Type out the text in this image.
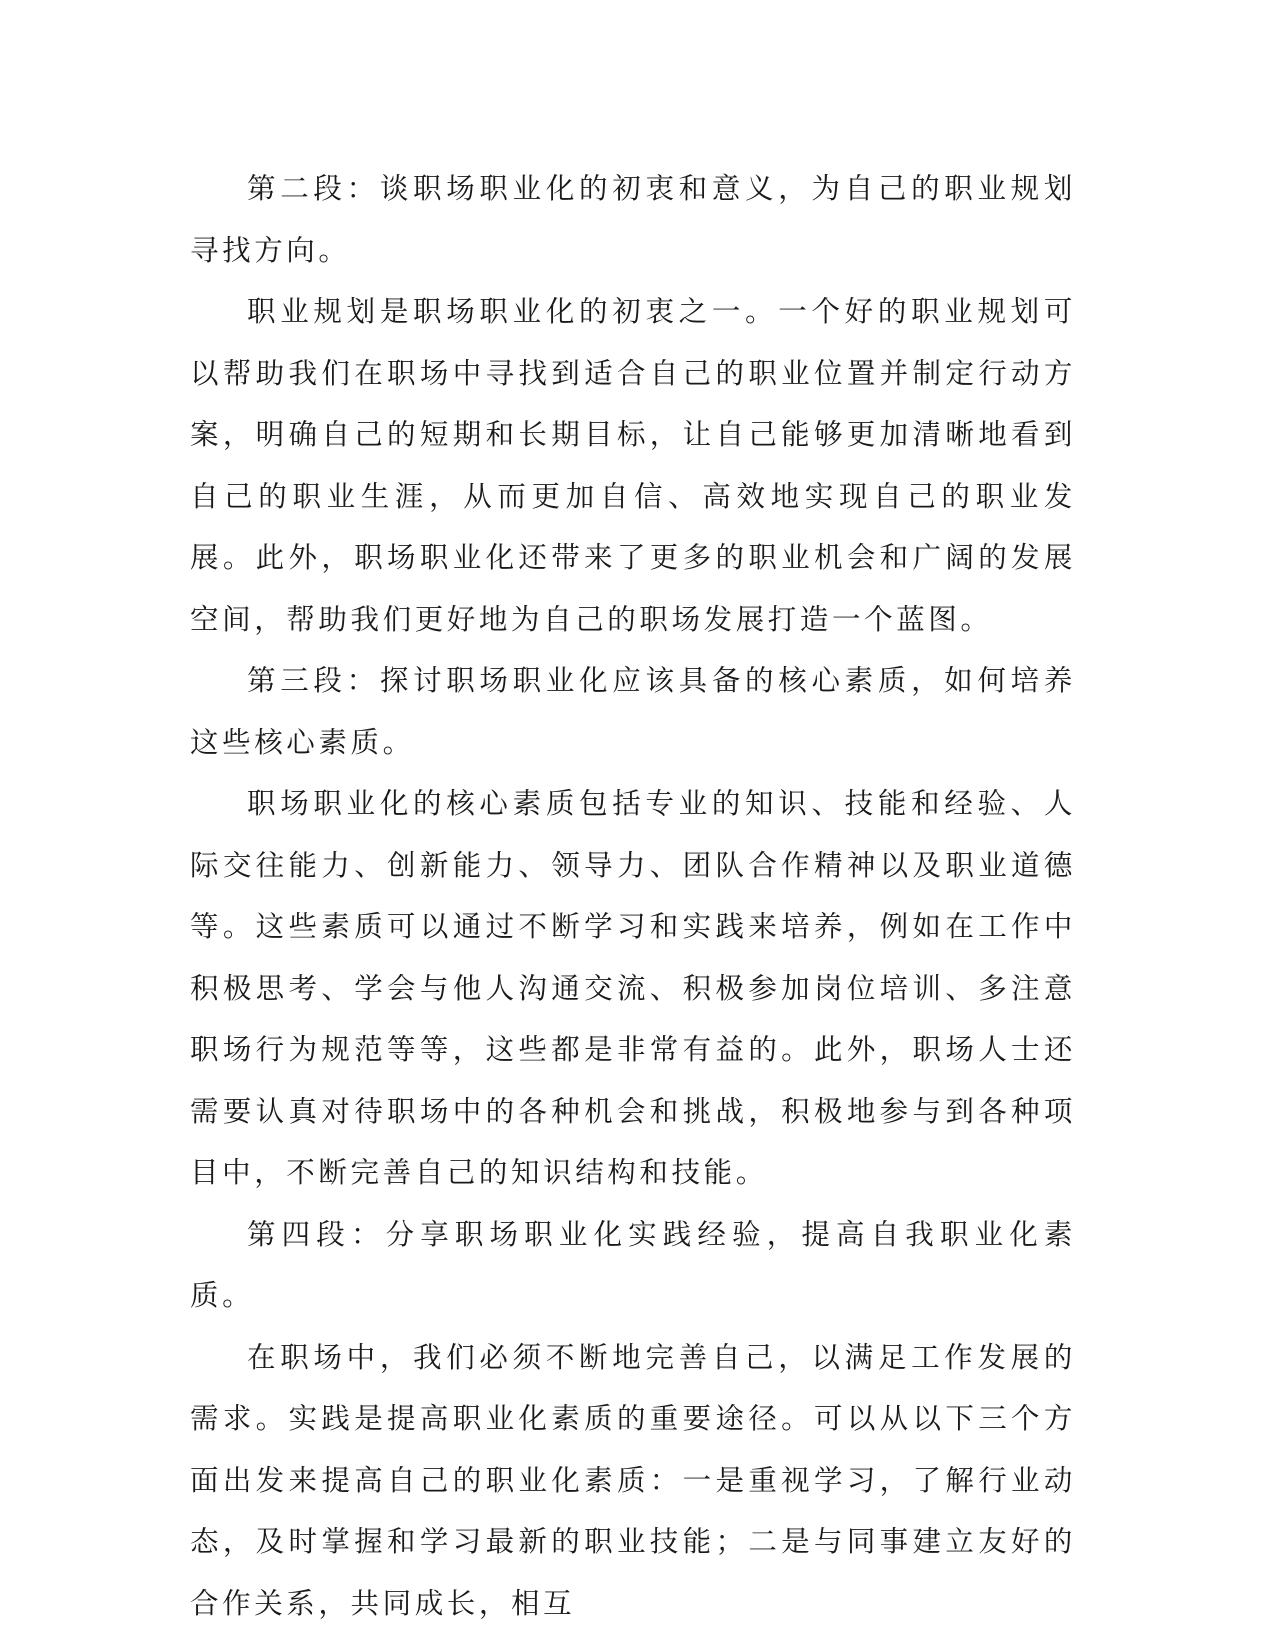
第二段：谈职场职业化的初衷和意义，为自己的职业规划寻找方向。

职业规划是职场职业化的初衷之一。一个好的职业规划可以帮助我们在职场中寻找到适合自己的职业位置并制定行动方案，明确自己的短期和长期目标，让自己能够更加清晰地看到自己的职业生涯，从而更加自信、高效地实现自己的职业发展。此外，职场职业化还带来了更多的职业机会和广阔的发展空间，帮助我们更好地为自己的职场发展打造一个蓝图。

第三段：探讨职场职业化应该具备的核心素质，如何培养这些核心素质。

职场职业化的核心素质包括专业的知识、技能和经验、人际交往能力、创新能力、领导力、团队合作精神以及职业道德等。这些素质可以通过不断学习和实践来培养，例如在工作中积极思考、学会与他人沟通交流、积极参加岗位培训、多注意职场行为规范等等，这些都是非常有益的。此外，职场人士还需要认真对待职场中的各种机会和挑战，积极地参与到各种项目中，不断完善自己的知识结构和技能。

第四段：分享职场职业化实践经验，提高自我职业化素质。

在职场中，我们必须不断地完善自己，以满足工作发展的需求。实践是提高职业化素质的重要途径。可以从以下三个方面出发来提高自己的职业化素质：一是重视学习，了解行业动态，及时掌握和学习最新的职业技能；二是与同事建立友好的合作关系，共同成长，相互
